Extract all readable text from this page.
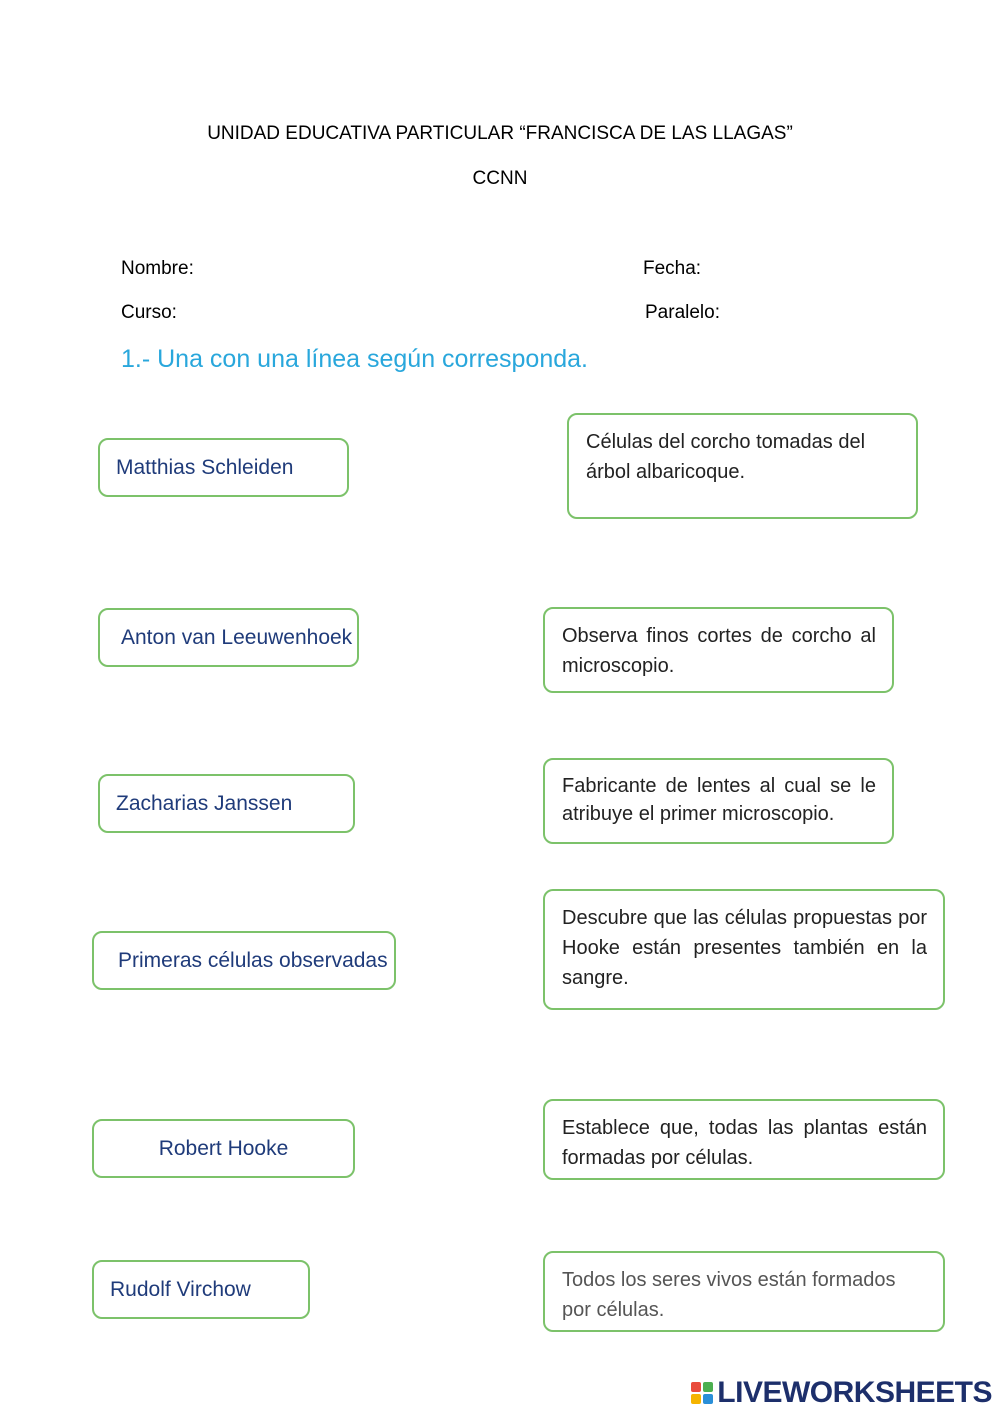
UNIDAD EDUCATIVA PARTICULAR “FRANCISCA DE LAS LLAGAS”
CCNN
Nombre:	Fecha:
Curso:	Paralelo:
1.- Una con una línea según corresponda.
Matthias Schleiden
Anton van Leeuwenhoek
Zacharias Janssen
Primeras células observadas
Robert Hooke
Rudolf Virchow
Células del corcho tomadas del árbol albaricoque.
Observa finos cortes de corcho al microscopio.
Fabricante de lentes al cual se le atribuye el primer microscopio.
Descubre que las células propuestas por Hooke están presentes también en la sangre.
Establece que, todas las plantas están formadas por células.
Todos los seres vivos están formados por células.
LIVEWORKSHEETS
